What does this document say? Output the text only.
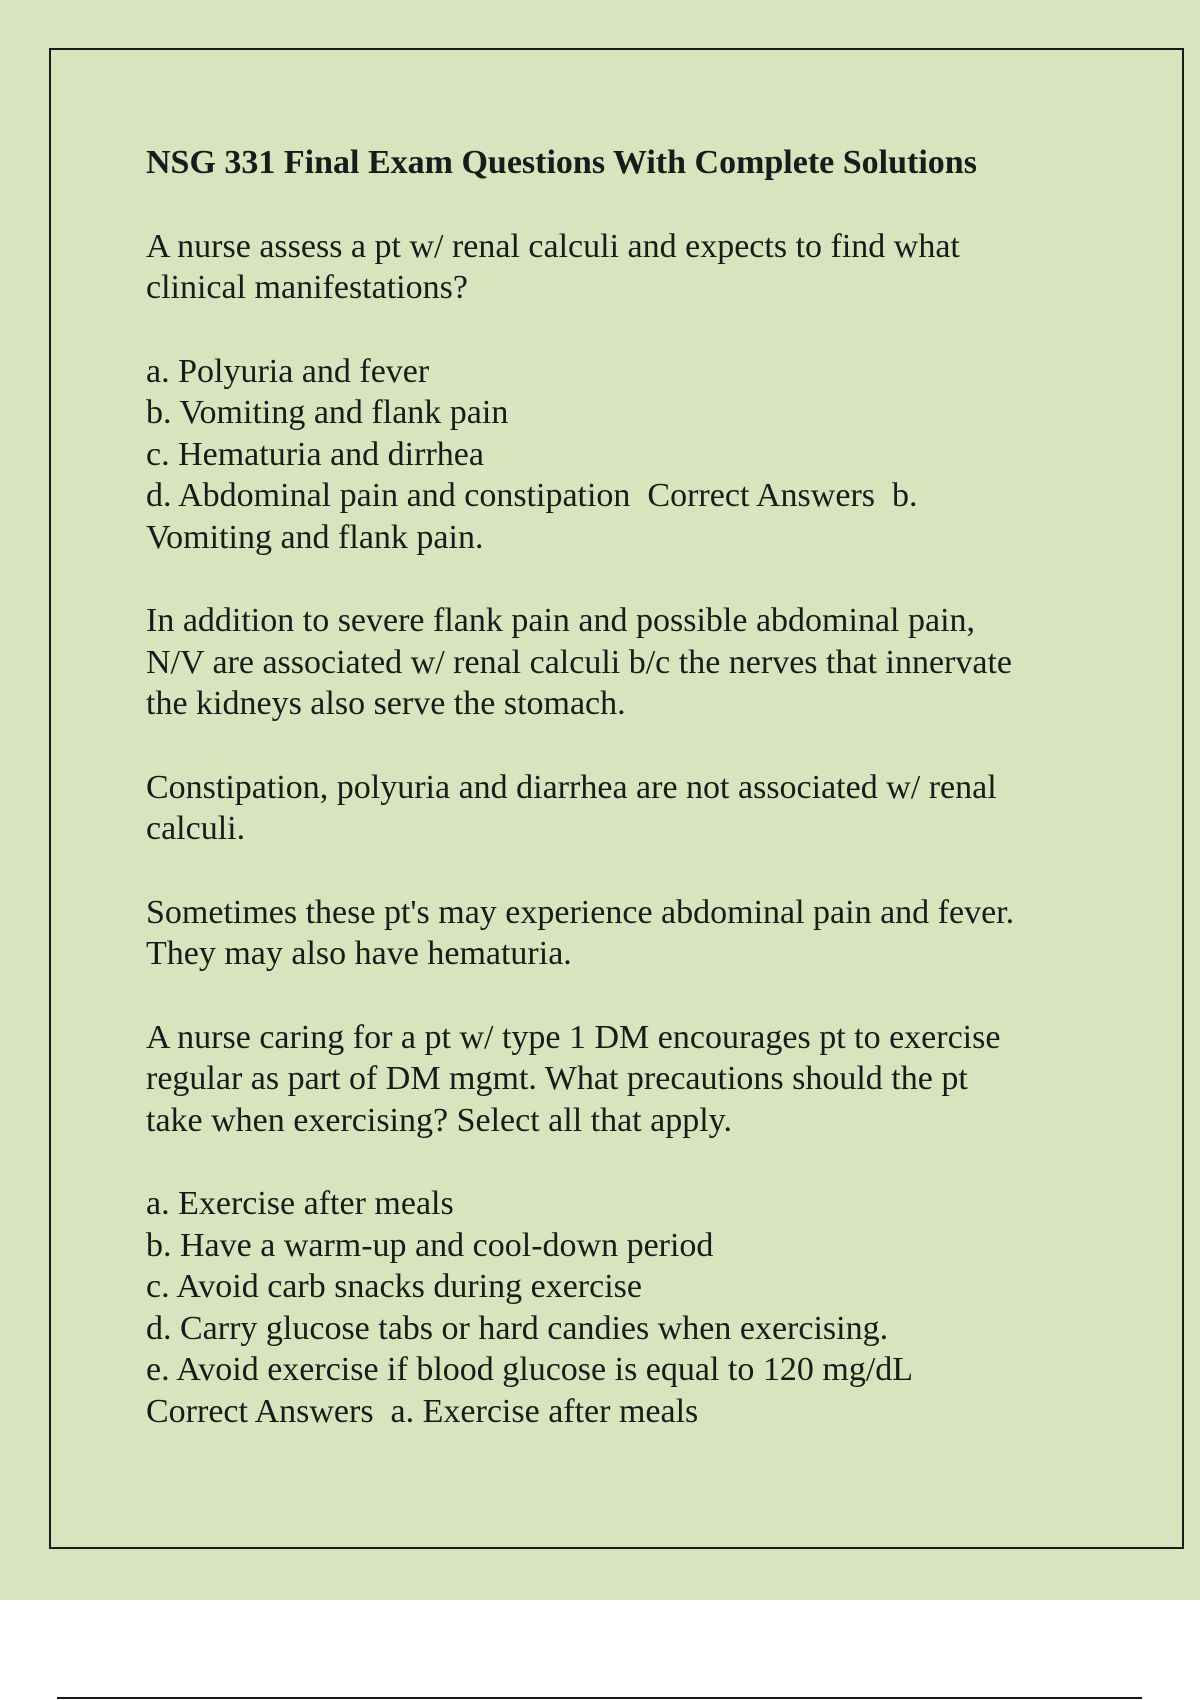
NSG 331 Final Exam Questions With Complete Solutions
A nurse assess a pt w/ renal calculi and expects to find what
clinical manifestations?
a. Polyuria and fever
b. Vomiting and flank pain
c. Hematuria and dirrhea
d. Abdominal pain and constipation  Correct Answers  b.
Vomiting and flank pain.
In addition to severe flank pain and possible abdominal pain,
N/V are associated w/ renal calculi b/c the nerves that innervate
the kidneys also serve the stomach.
Constipation, polyuria and diarrhea are not associated w/ renal
calculi.
Sometimes these pt's may experience abdominal pain and fever.
They may also have hematuria.
A nurse caring for a pt w/ type 1 DM encourages pt to exercise
regular as part of DM mgmt. What precautions should the pt
take when exercising? Select all that apply.
a. Exercise after meals
b. Have a warm-up and cool-down period
c. Avoid carb snacks during exercise
d. Carry glucose tabs or hard candies when exercising.
e. Avoid exercise if blood glucose is equal to 120 mg/dL
Correct Answers  a. Exercise after meals
